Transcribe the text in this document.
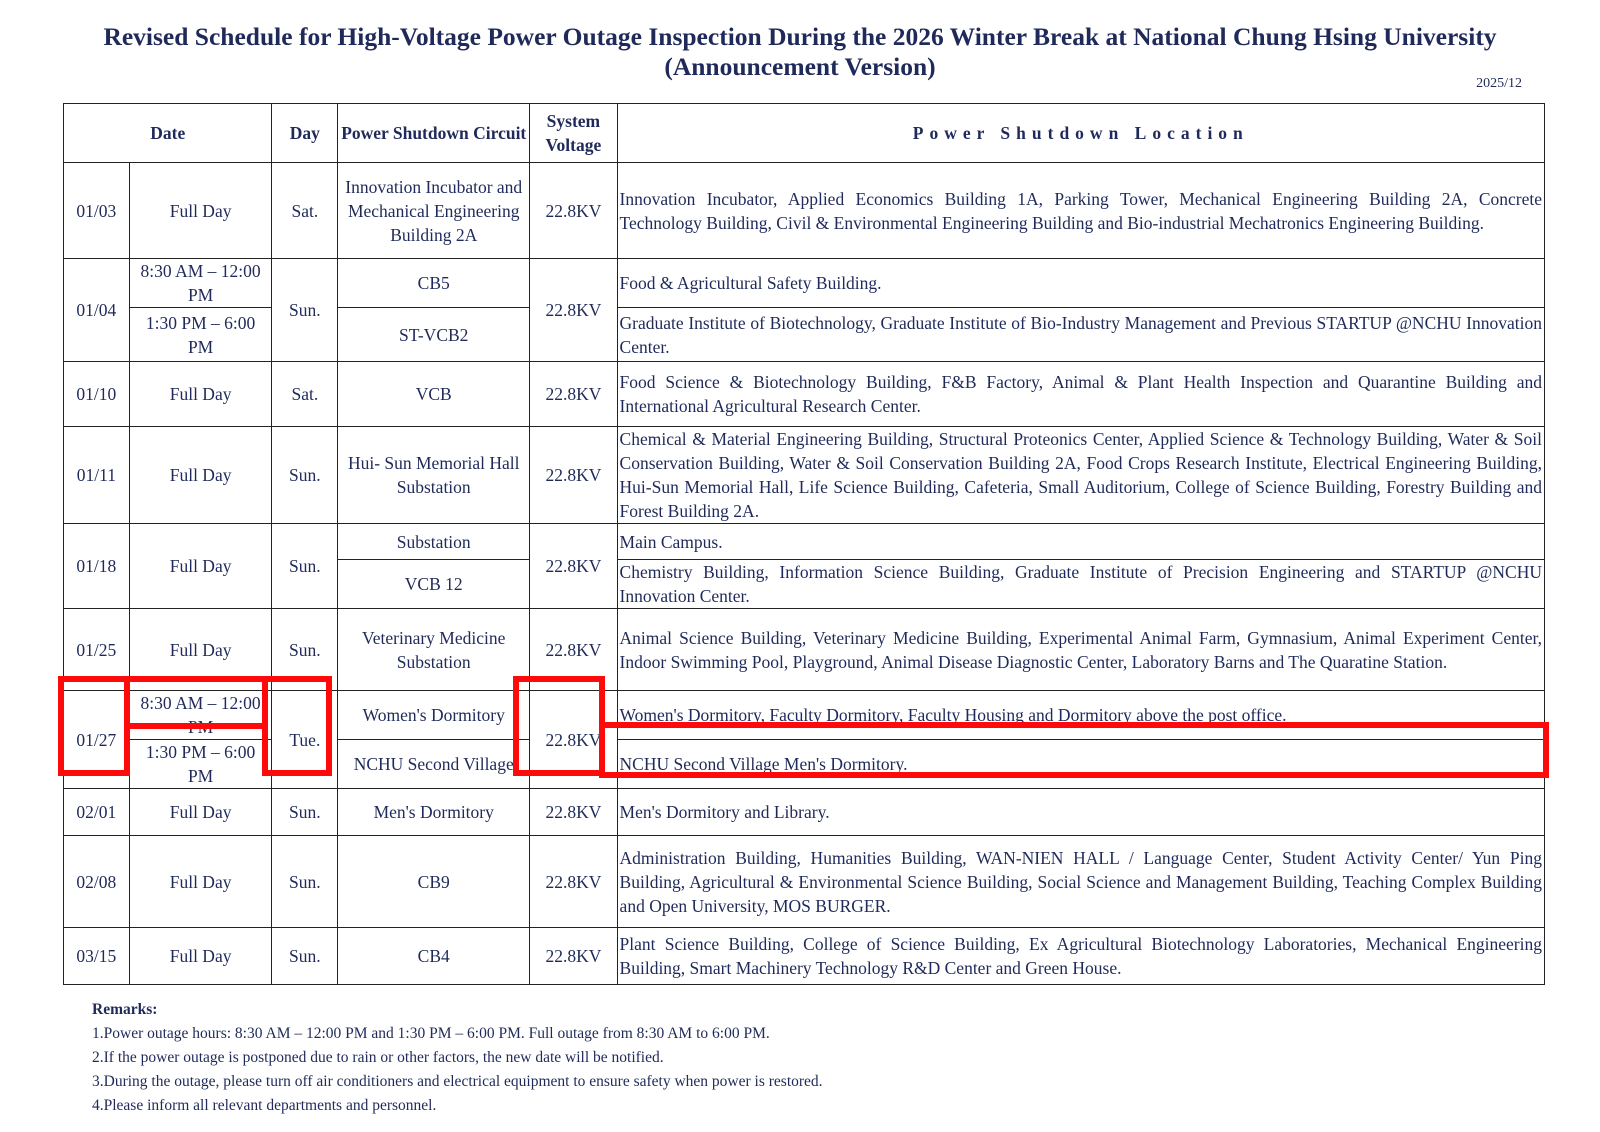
Revised Schedule for High-Voltage Power Outage Inspection During the 2026 Winter Break at National Chung Hsing University
(Announcement Version)
2025/12
Date		Day	Power Shutdown Circuit	System Voltage	Power Shutdown Location
01/03	Full Day	Sat.	Innovation Incubator and Mechanical Engineering Building 2A	22.8KV	Innovation Incubator, Applied Economics Building 1A, Parking Tower, Mechanical Engineering Building 2A, Concrete Technology Building, Civil & Environmental Engineering Building and Bio-industrial Mechatronics Engineering Building.
01/04	8:30 AM – 12:00 PM	Sun.	CB5	22.8KV	Food & Agricultural Safety Building.
	1:30 PM – 6:00 PM		ST-VCB2		Graduate Institute of Biotechnology, Graduate Institute of Bio-Industry Management and Previous STARTUP @NCHU Innovation Center.
01/10	Full Day	Sat.	VCB	22.8KV	Food Science & Biotechnology Building, F&B Factory, Animal & Plant Health Inspection and Quarantine Building and International Agricultural Research Center.
01/11	Full Day	Sun.	Hui- Sun Memorial Hall Substation	22.8KV	Chemical & Material Engineering Building, Structural Proteonics Center, Applied Science & Technology Building, Water & Soil Conservation Building, Water & Soil Conservation Building 2A, Food Crops Research Institute, Electrical Engineering Building, Hui-Sun Memorial Hall, Life Science Building, Cafeteria, Small Auditorium, College of Science Building, Forestry Building and Forest Building 2A.
01/18	Full Day	Sun.	Substation	22.8KV	Main Campus.
			VCB 12		Chemistry Building, Information Science Building, Graduate Institute of Precision Engineering and STARTUP @NCHU Innovation Center.
01/25	Full Day	Sun.	Veterinary Medicine Substation	22.8KV	Animal Science Building, Veterinary Medicine Building, Experimental Animal Farm, Gymnasium, Animal Experiment Center, Indoor Swimming Pool, Playground, Animal Disease Diagnostic Center, Laboratory Barns and The Quaratine Station.
01/27	8:30 AM – 12:00 PM	Tue.	Women's Dormitory	22.8KV	Women's Dormitory, Faculty Dormitory, Faculty Housing and Dormitory above the post office.
	1:30 PM – 6:00 PM		NCHU Second Village		NCHU Second Village Men's Dormitory.
02/01	Full Day	Sun.	Men's Dormitory	22.8KV	Men's Dormitory and Library.
02/08	Full Day	Sun.	CB9	22.8KV	Administration Building, Humanities Building, WAN-NIEN HALL / Language Center, Student Activity Center/ Yun Ping Building, Agricultural & Environmental Science Building, Social Science and Management Building, Teaching Complex Building and Open University, MOS BURGER.
03/15	Full Day	Sun.	CB4	22.8KV	Plant Science Building, College of Science Building, Ex Agricultural Biotechnology Laboratories, Mechanical Engineering Building, Smart Machinery Technology R&D Center and Green House.
Remarks:
1.Power outage hours: 8:30 AM – 12:00 PM and 1:30 PM – 6:00 PM. Full outage from 8:30 AM to 6:00 PM.
2.If the power outage is postponed due to rain or other factors, the new date will be notified.
3.During the outage, please turn off air conditioners and electrical equipment to ensure safety when power is restored.
4.Please inform all relevant departments and personnel.
